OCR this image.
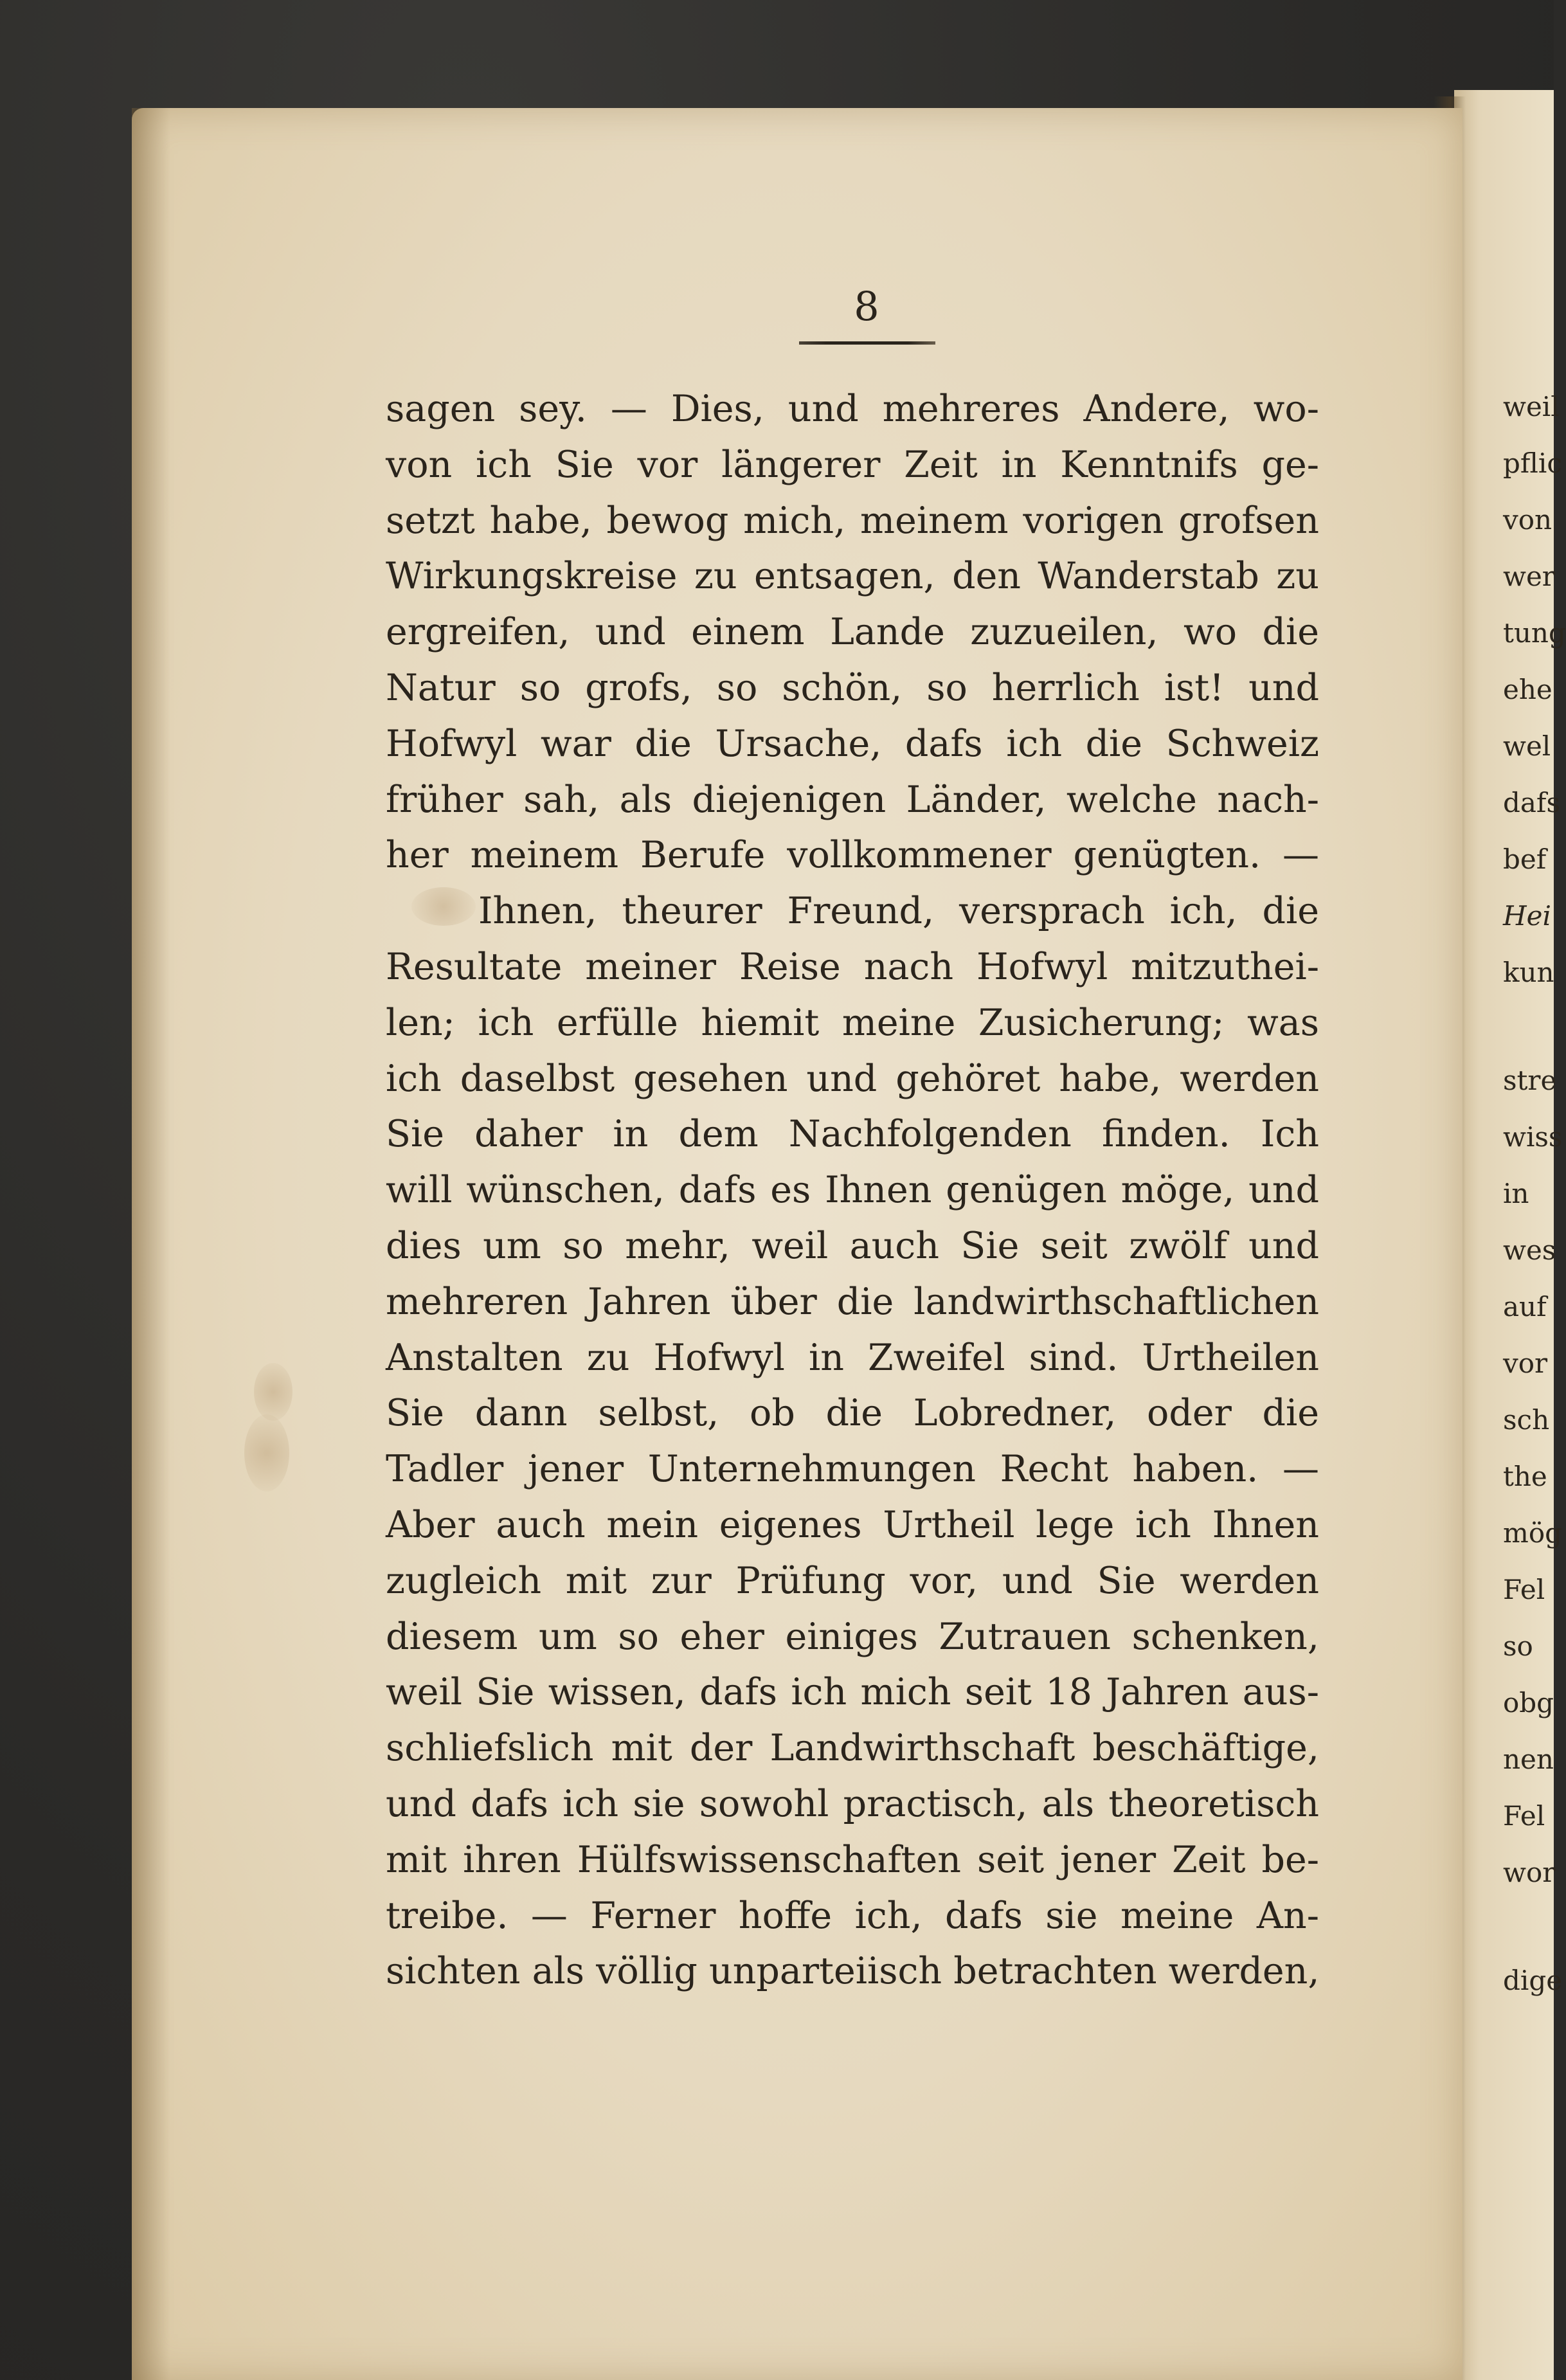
8
sagen sey. — Dies, und mehreres Andere, wo-
von ich Sie vor längerer Zeit in Kenntnifs ge-
setzt habe, bewog mich, meinem vorigen grofsen
Wirkungskreise zu entsagen, den Wanderstab zu
ergreifen, und einem Lande zuzueilen, wo die
Natur so grofs, so schön, so herrlich ist! und
Hofwyl war die Ursache, dafs ich die Schweiz
früher sah, als diejenigen Länder, welche nach-
her meinem Berufe vollkommener genügten. —
Ihnen, theurer Freund, versprach ich, die
Resultate meiner Reise nach Hofwyl mitzuthei-
len; ich erfülle hiemit meine Zusicherung; was
ich daselbst gesehen und gehöret habe, werden
Sie daher in dem Nachfolgenden finden. Ich
will wünschen, dafs es Ihnen genügen möge, und
dies um so mehr, weil auch Sie seit zwölf und
mehreren Jahren über die landwirthschaftlichen
Anstalten zu Hofwyl in Zweifel sind. Urtheilen
Sie dann selbst, ob die Lobredner, oder die
Tadler jener Unternehmungen Recht haben. —
Aber auch mein eigenes Urtheil lege ich Ihnen
zugleich mit zur Prüfung vor, und Sie werden
diesem um so eher einiges Zutrauen schenken,
weil Sie wissen, dafs ich mich seit 18 Jahren aus-
schliefslich mit der Landwirthschaft beschäftige,
und dafs ich sie sowohl practisch, als theoretisch
mit ihren Hülfswissenschaften seit jener Zeit be-
treibe. — Ferner hoffe ich, dafs sie meine An-
sichten als völlig unparteiisch betrachten werden,
weil
pflic
von
wer
tung
ehe
wel
dafs
bef
Hei
kun
stre
wiss
in
wes
auf
vor
sch
the
mög
Fel
so
obg
nen
Fel
wor
dige
